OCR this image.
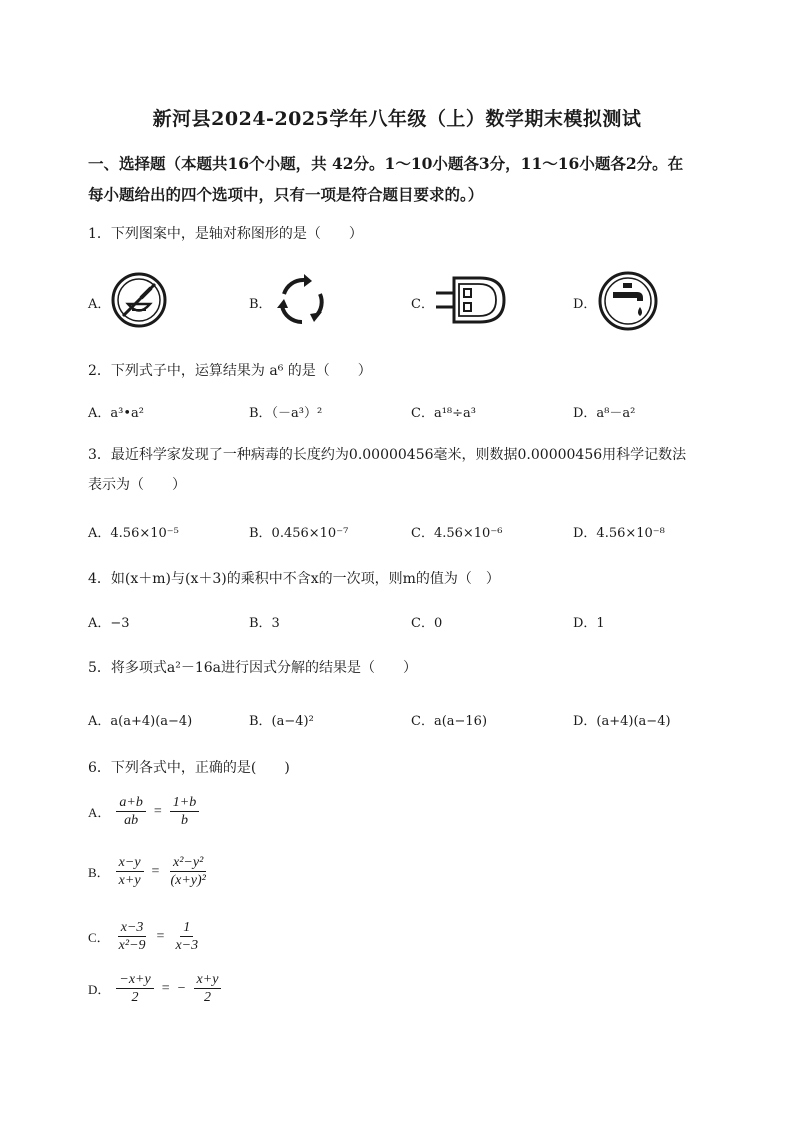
新河县2024-2025学年八年级（上）数学期末模拟测试
一、选择题（本题共16个小题，共 42分。1～10小题各3分，11～16小题各2分。在
每小题给出的四个选项中，只有一项是符合题目要求的。）
1．下列图案中，是轴对称图形的是（　　）
A．	B．	C．	D．
2．下列式子中，运算结果为 a⁶ 的是（　　）
A．a³•a²	B．（－a³）²	C．a¹⁸÷a³	D．a⁸－a²
3．最近科学家发现了一种病毒的长度约为0.00000456毫米，则数据0.00000456用科学记数法
表示为（　　）
A．4.56×10⁻⁵	B．0.456×10⁻⁷	C．4.56×10⁻⁶	D．4.56×10⁻⁸
4．如(x＋m)与(x＋3)的乘积中不含x的一次项，则m的值为（　）
A．−3	B．3	C．0	D．1
5．将多项式a²－16a进行因式分解的结果是（　　）
A．a(a+4)(a−4)	B．(a−4)²	C．a(a−16)	D．(a+4)(a−4)
6．下列各式中，正确的是(　　)
A． $\frac{a+b}{ab} = \frac{1+b}{b}$
B． $\frac{x-y}{x+y} = \frac{\text{x²−y²}}{\text{(x+y)²}}$
C． $\frac{x-3}{\text{x²−9}} = \frac{1}{x-3}$
D． $\frac{-x+y}{2}$ = − $\frac{x+y}{2}$
